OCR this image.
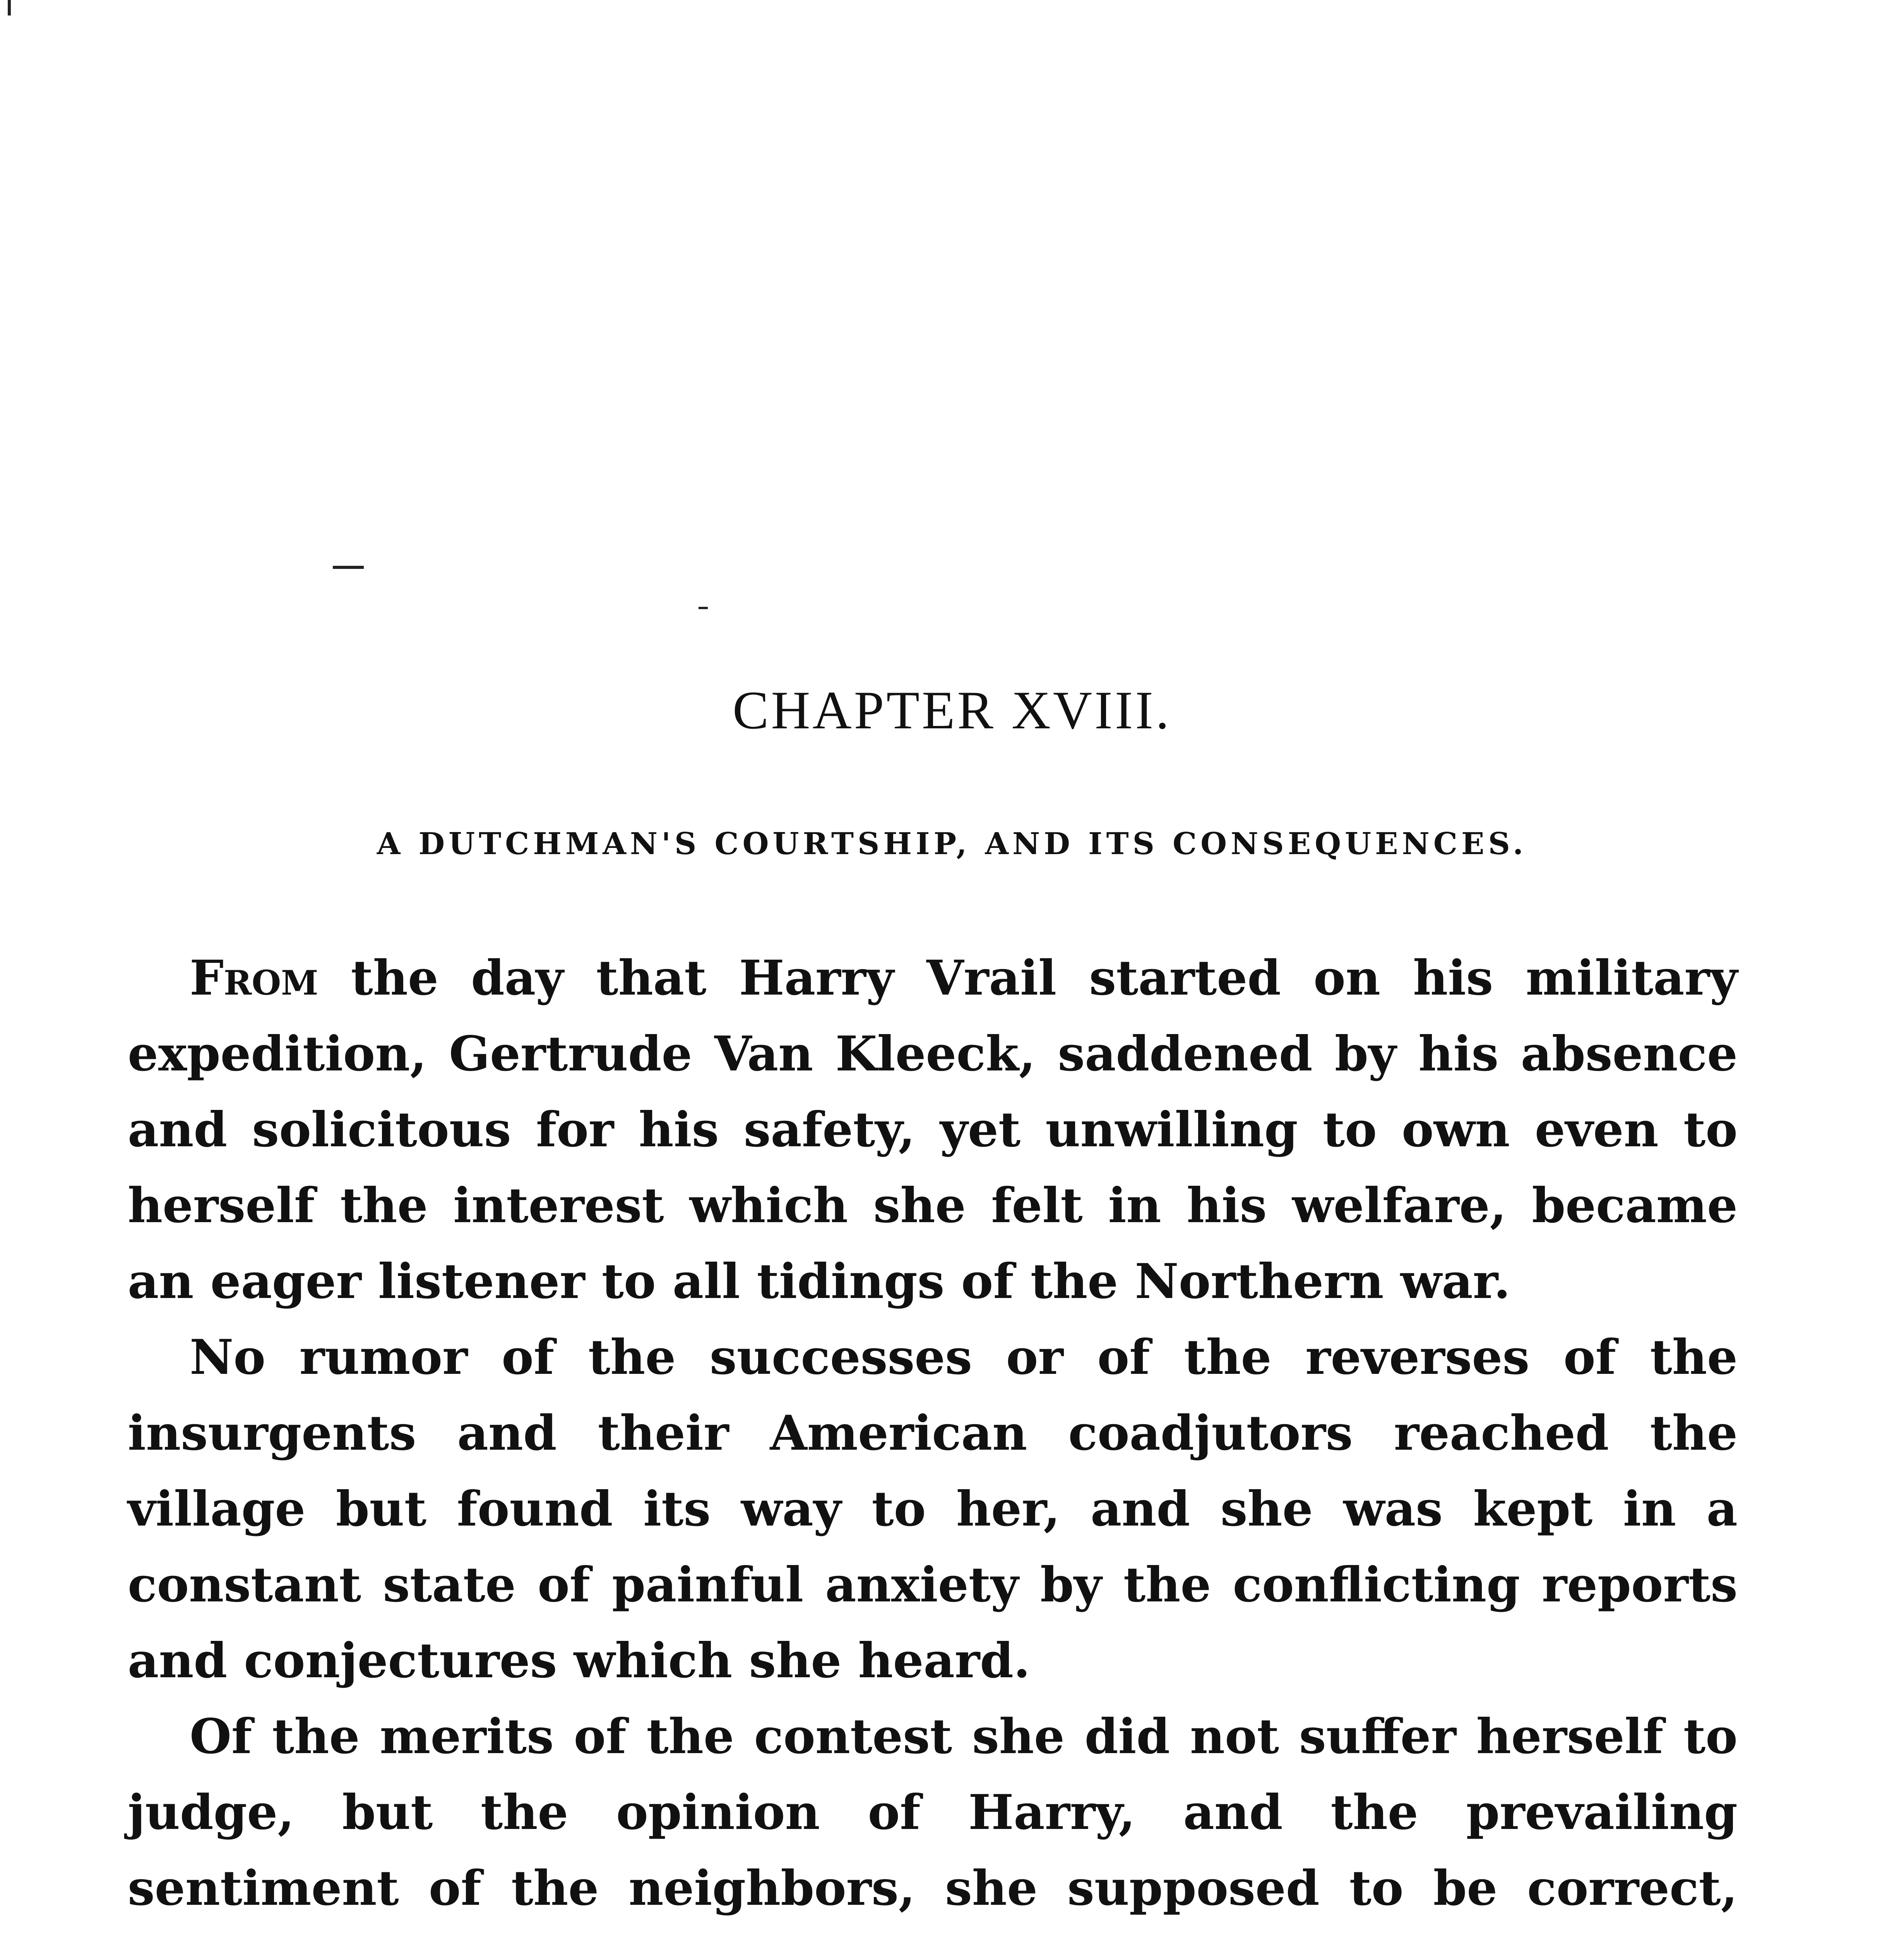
CHAPTER XVIII.
A DUTCHMAN'S COURTSHIP, AND ITS CONSEQUENCES.

From the day that Harry Vrail started on his military expedition, Gertrude Van Kleeck, saddened by his absence and solicitous for his safety, yet unwilling to own even to herself the interest which she felt in his welfare, became an eager listener to all tidings of the Northern war.

No rumor of the successes or of the reverses of the insurgents and their American coadjutors reached the village but found its way to her, and she was kept in a constant state of painful anxiety by the conflicting reports and conjectures which she heard.

Of the merits of the contest she did not suffer herself to judge, but the opinion of Harry, and the prevailing sentiment of the neighbors, she supposed to be correct,
